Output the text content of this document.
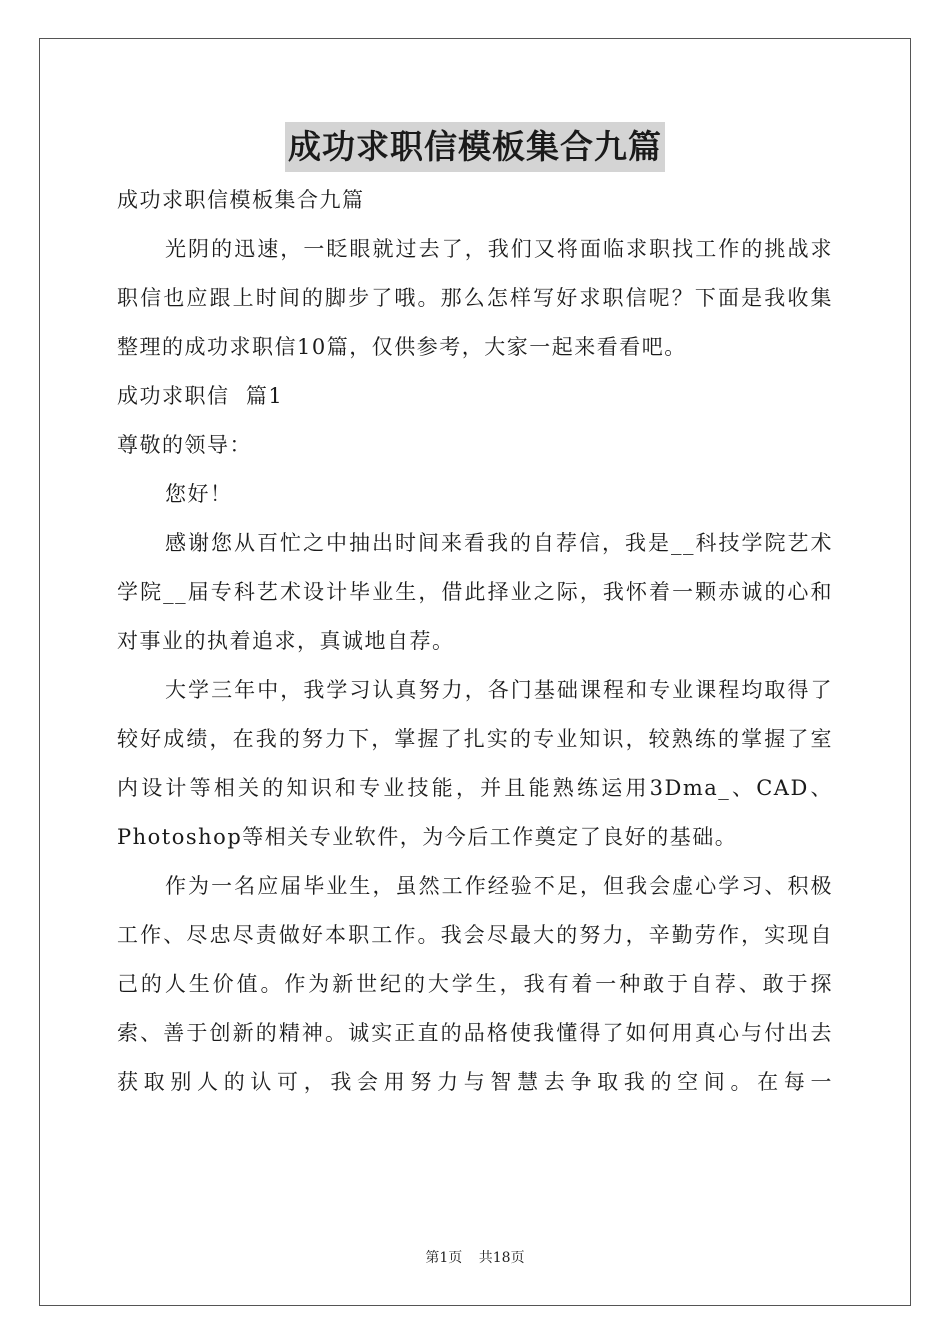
成功求职信模板集合九篇

成功求职信模板集合九篇

光阴的迅速，一眨眼就过去了，我们又将面临求职找工作的挑战求职信也应跟上时间的脚步了哦。那么怎样写好求职信呢？下面是我收集整理的成功求职信10篇，仅供参考，大家一起来看看吧。

成功求职信  篇1

尊敬的领导：

您好！

感谢您从百忙之中抽出时间来看我的自荐信，我是__科技学院艺术学院__届专科艺术设计毕业生，借此择业之际，我怀着一颗赤诚的心和对事业的执着追求，真诚地自荐。

大学三年中，我学习认真努力，各门基础课程和专业课程均取得了较好成绩，在我的努力下，掌握了扎实的专业知识，较熟练的掌握了室内设计等相关的知识和专业技能，并且能熟练运用3Dma_、CAD、Photoshop等相关专业软件，为今后工作奠定了良好的基础。

作为一名应届毕业生，虽然工作经验不足，但我会虚心学习、积极工作、尽忠尽责做好本职工作。我会尽最大的努力，辛勤劳作，实现自己的人生价值。作为新世纪的大学生，我有着一种敢于自荐、敢于探索、善于创新的精神。诚实正直的品格使我懂得了如何用真心与付出去获取别人的认可，我会用努力与智慧去争取我的空间。在每一

第1页 共18页
